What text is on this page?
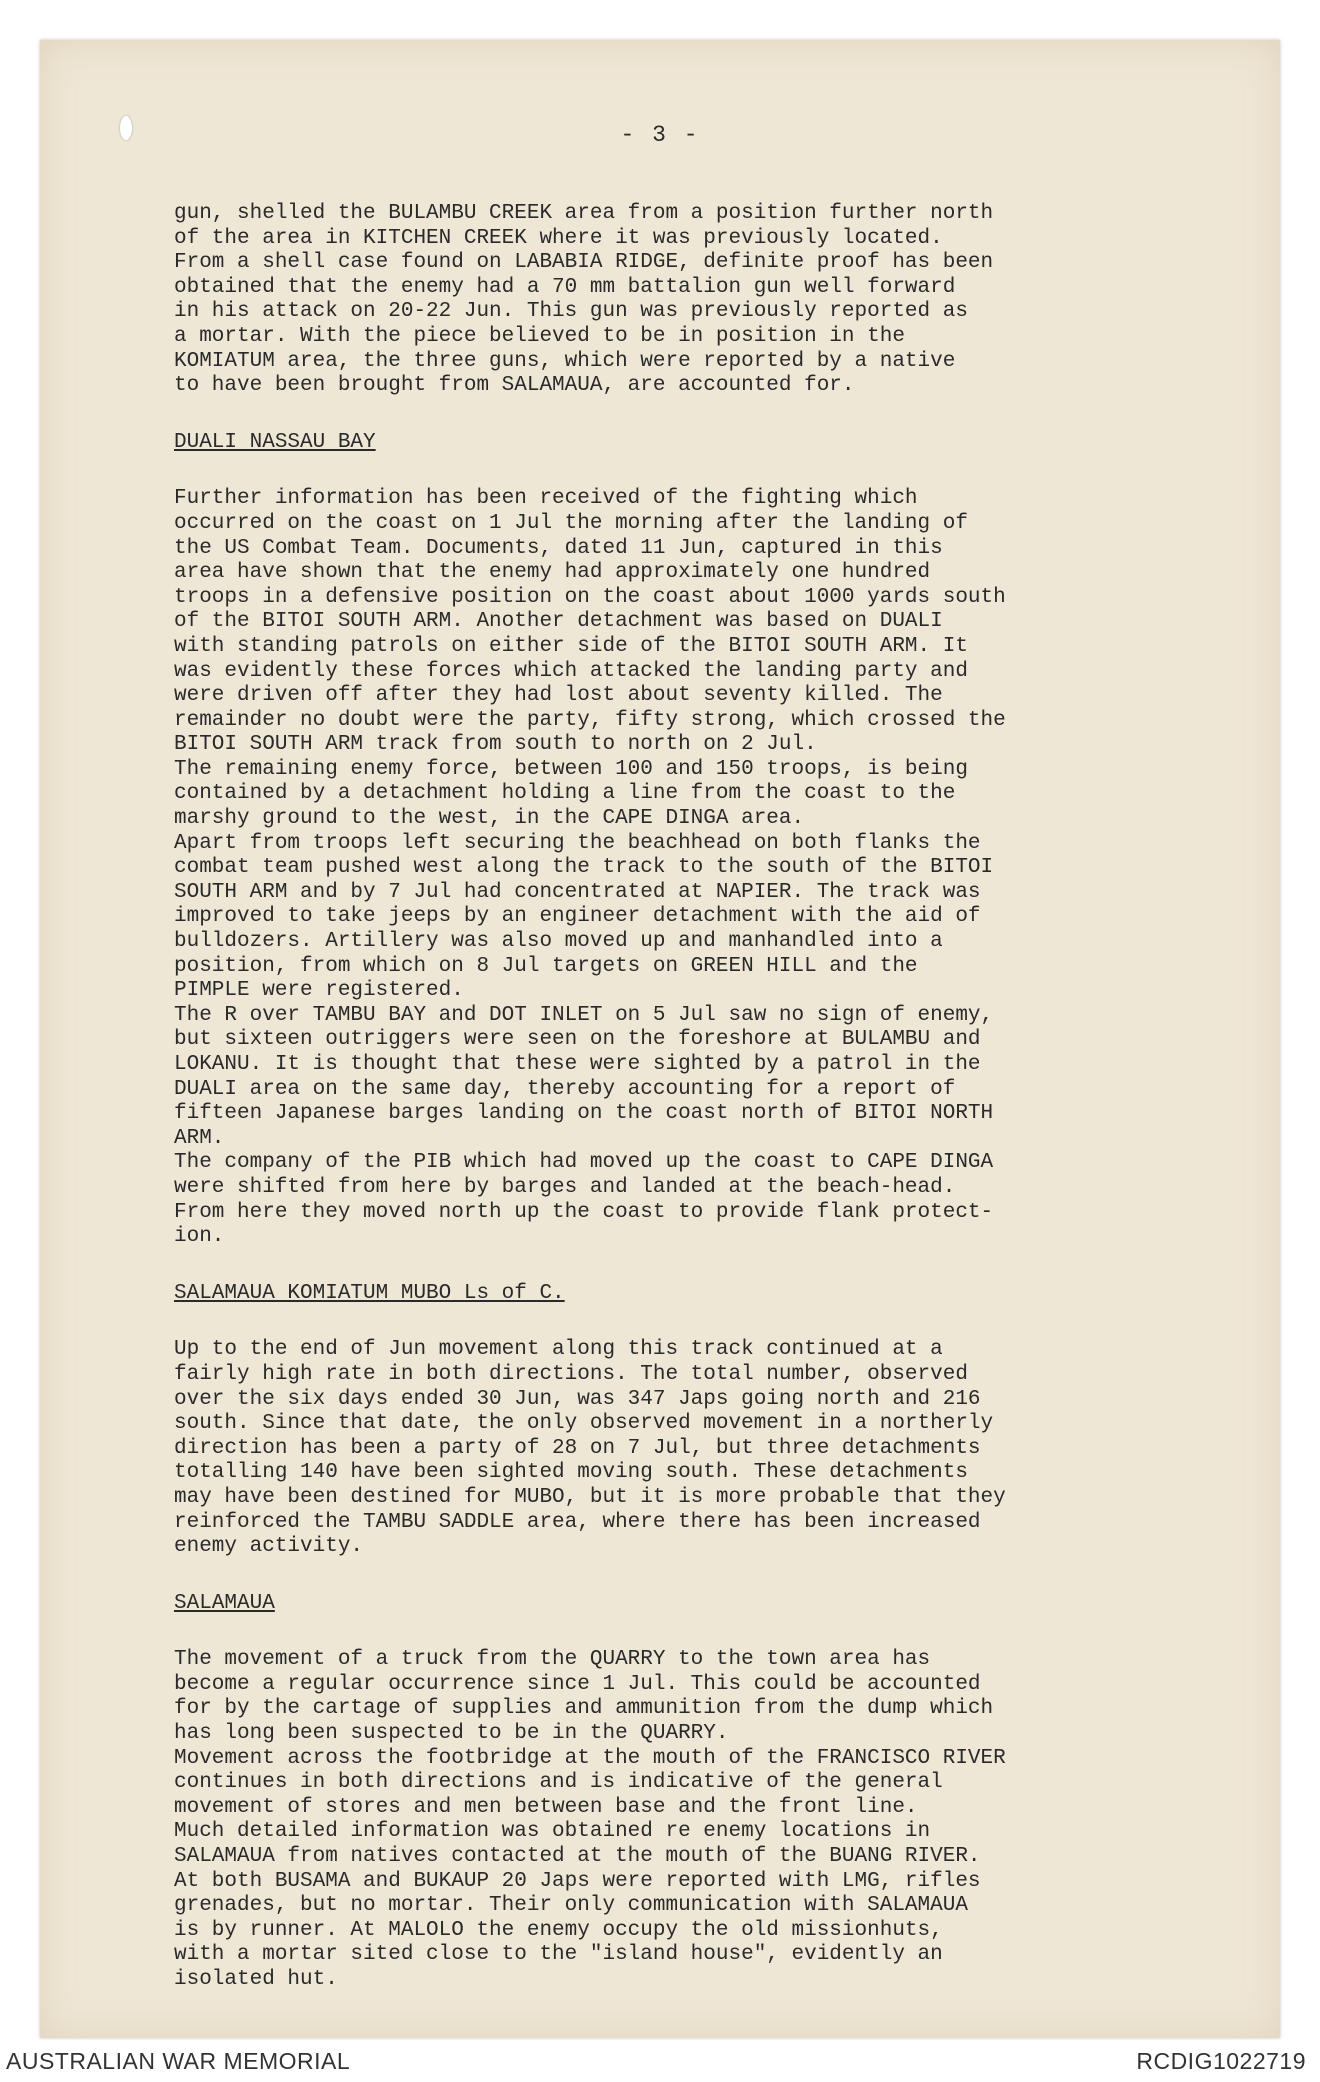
- 3 -

gun, shelled the BULAMBU CREEK area from a position further north
of the area in KITCHEN CREEK where it was previously located.
From a shell case found on LABABIA RIDGE, definite proof has been
obtained that the enemy had a 70 mm battalion gun well forward
in his attack on 20-22 Jun. This gun was previously reported as
a mortar. With the piece believed to be in position in the
KOMIATUM area, the three guns, which were reported by a native
to have been brought from SALAMAUA, are accounted for.

DUALI NASSAU BAY

Further information has been received of the fighting which
occurred on the coast on 1 Jul the morning after the landing of
the US Combat Team. Documents, dated 11 Jun, captured in this
area have shown that the enemy had approximately one hundred
troops in a defensive position on the coast about 1000 yards south
of the BITOI SOUTH ARM. Another detachment was based on DUALI
with standing patrols on either side of the BITOI SOUTH ARM. It
was evidently these forces which attacked the landing party and
were driven off after they had lost about seventy killed. The
remainder no doubt were the party, fifty strong, which crossed the
BITOI SOUTH ARM track from south to north on 2 Jul.

The remaining enemy force, between 100 and 150 troops, is being
contained by a detachment holding a line from the coast to the
marshy ground to the west, in the CAPE DINGA area.

Apart from troops left securing the beachhead on both flanks the
combat team pushed west along the track to the south of the BITOI
SOUTH ARM and by 7 Jul had concentrated at NAPIER. The track was
improved to take jeeps by an engineer detachment with the aid of
bulldozers. Artillery was also moved up and manhandled into a
position, from which on 8 Jul targets on GREEN HILL and the
PIMPLE were registered.

The R over TAMBU BAY and DOT INLET on 5 Jul saw no sign of enemy,
but sixteen outriggers were seen on the foreshore at BULAMBU and
LOKANU. It is thought that these were sighted by a patrol in the
DUALI area on the same day, thereby accounting for a report of
fifteen Japanese barges landing on the coast north of BITOI NORTH
ARM.

The company of the PIB which had moved up the coast to CAPE DINGA
were shifted from here by barges and landed at the beach-head.
From here they moved north up the coast to provide flank protect-
ion.

SALAMAUA KOMIATUM MUBO Ls of C.

Up to the end of Jun movement along this track continued at a
fairly high rate in both directions. The total number, observed
over the six days ended 30 Jun, was 347 Japs going north and 216
south. Since that date, the only observed movement in a northerly
direction has been a party of 28 on 7 Jul, but three detachments
totalling 140 have been sighted moving south. These detachments
may have been destined for MUBO, but it is more probable that they
reinforced the TAMBU SADDLE area, where there has been increased
enemy activity.

SALAMAUA

The movement of a truck from the QUARRY to the town area has
become a regular occurrence since 1 Jul. This could be accounted
for by the cartage of supplies and ammunition from the dump which
has long been suspected to be in the QUARRY.

Movement across the footbridge at the mouth of the FRANCISCO RIVER
continues in both directions and is indicative of the general
movement of stores and men between base and the front line.

Much detailed information was obtained re enemy locations in
SALAMAUA from natives contacted at the mouth of the BUANG RIVER.
At both BUSAMA and BUKAUP 20 Japs were reported with LMG, rifles
grenades, but no mortar. Their only communication with SALAMAUA
is by runner. At MALOLO the enemy occupy the old missionhuts,
with a mortar sited close to the "island house", evidently an
isolated hut.

AUSTRALIAN WAR MEMORIAL	RCDIG1022719
